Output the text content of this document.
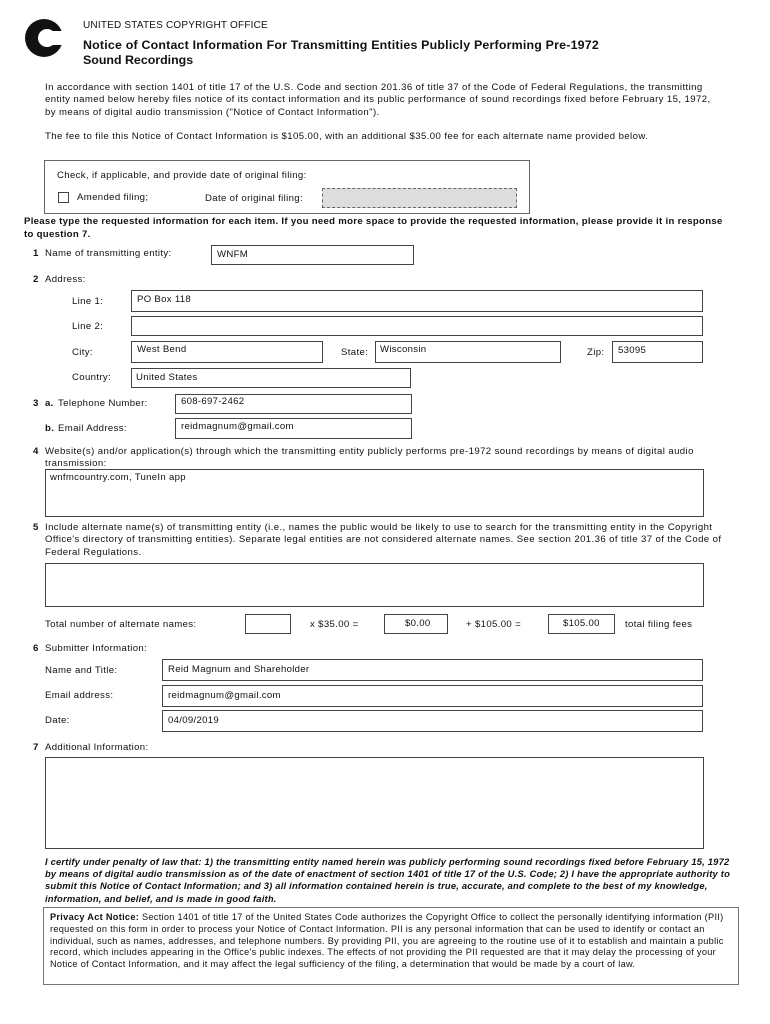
UNITED STATES COPYRIGHT OFFICE
Notice of Contact Information For Transmitting Entities Publicly Performing Pre-1972
Sound Recordings
In accordance with section 1401 of title 17 of the U.S. Code and section 201.36 of title 37 of the Code of Federal Regulations, the transmitting entity named below hereby files notice of its contact information and its public performance of sound recordings fixed before February 15, 1972, by means of digital audio transmission ("Notice of Contact Information").
The fee to file this Notice of Contact Information is $105.00, with an additional $35.00 fee for each alternate name provided below.
Check, if applicable, and provide date of original filing:
Amended filing;	Date of original filing:
Please type the requested information for each item. If you need more space to provide the requested information, please provide it in response to question 7.
1 Name of transmitting entity:	WNFM
2 Address:
Line 1:	PO Box 118
Line 2:
City:	West Bend	State: Wisconsin	Zip: 53095
Country:	United States
3 a. Telephone Number:	608-697-2462
b. Email Address:	reidmagnum@gmail.com
4 Website(s) and/or application(s) through which the transmitting entity publicly performs pre-1972 sound recordings by means of digital audio transmission:
wnfmcountry.com, TuneIn app
5 Include alternate name(s) of transmitting entity (i.e., names the public would be likely to use to search for the transmitting entity in the Copyright Office's directory of transmitting entities). Separate legal entities are not considered alternate names. See section 201.36 of title 37 of the Code of Federal Regulations.
Total number of alternate names:	x $35.00 =	$0.00	+ $105.00 =	$105.00	total filing fees
6 Submitter Information:
Name and Title:	Reid Magnum and Shareholder
Email address:	reidmagnum@gmail.com
Date:	04/09/2019
7 Additional Information:
I certify under penalty of law that: 1) the transmitting entity named herein was publicly performing sound recordings fixed before February 15, 1972 by means of digital audio transmission as of the date of enactment of section 1401 of title 17 of the U.S. Code; 2) I have the appropriate authority to submit this Notice of Contact Information; and 3) all information contained herein is true, accurate, and complete to the best of my knowledge, information, and belief, and is made in good faith.
Privacy Act Notice: Section 1401 of title 17 of the United States Code authorizes the Copyright Office to collect the personally identifying information (PII) requested on this form in order to process your Notice of Contact Information. PII is any personal information that can be used to identify or contact an individual, such as names, addresses, and telephone numbers. By providing PII, you are agreeing to the routine use of it to establish and maintain a public record, which includes appearing in the Office's public indexes. The effects of not providing the PII requested are that it may delay the processing of your Notice of Contact Information, and it may affect the legal sufficiency of the filing, a determination that would be made by a court of law.
